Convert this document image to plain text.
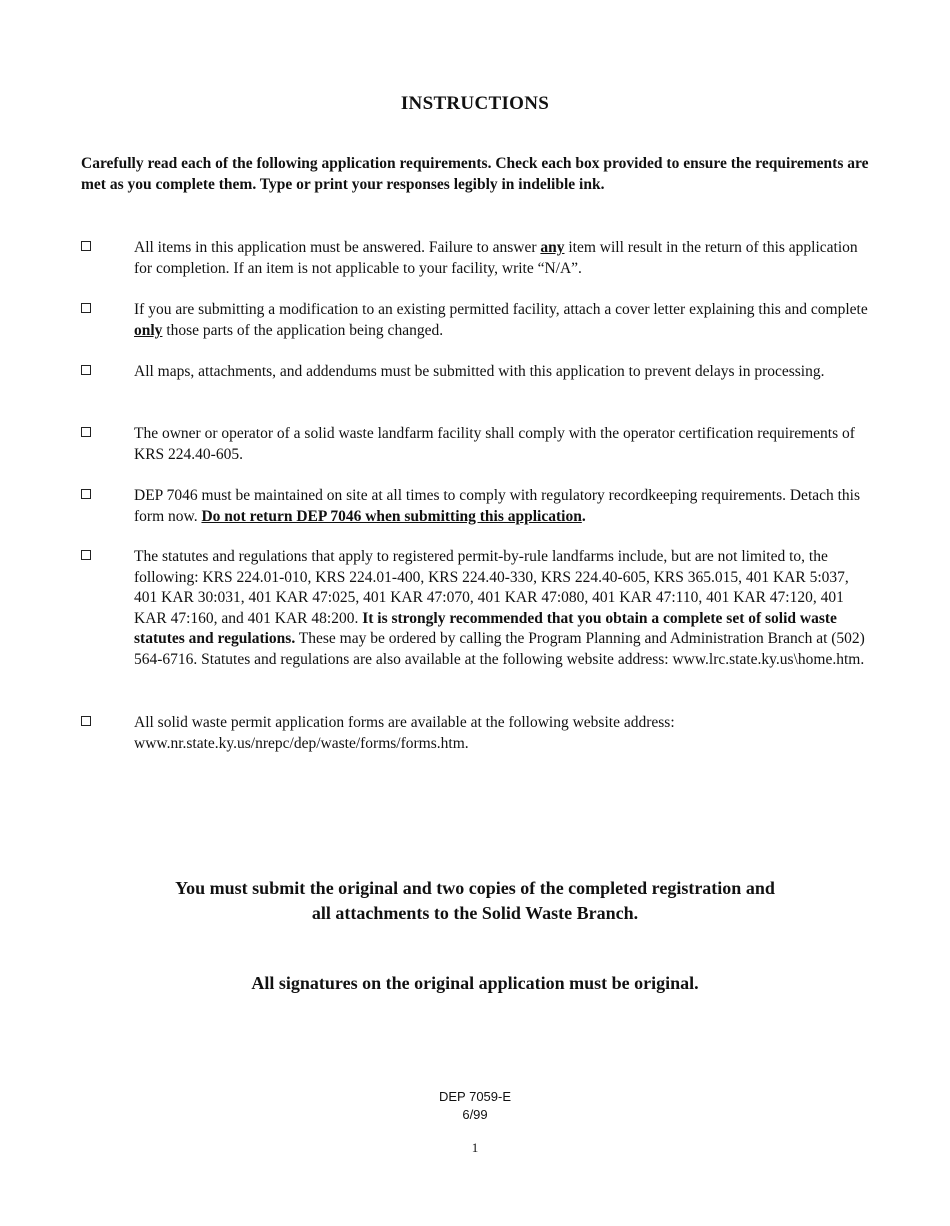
INSTRUCTIONS
Carefully read each of the following application requirements. Check each box provided to ensure the requirements are met as you complete them. Type or print your responses legibly in indelible ink.
All items in this application must be answered. Failure to answer any item will result in the return of this application for completion. If an item is not applicable to your facility, write “N/A”.
If you are submitting a modification to an existing permitted facility, attach a cover letter explaining this and complete only those parts of the application being changed.
All maps, attachments, and addendums must be submitted with this application to prevent delays in processing.
The owner or operator of a solid waste landfarm facility shall comply with the operator certification requirements of KRS 224.40-605.
DEP 7046 must be maintained on site at all times to comply with regulatory recordkeeping requirements. Detach this form now. Do not return DEP 7046 when submitting this application.
The statutes and regulations that apply to registered permit-by-rule landfarms include, but are not limited to, the following: KRS 224.01-010, KRS 224.01-400, KRS 224.40-330, KRS 224.40-605, KRS 365.015, 401 KAR 5:037, 401 KAR 30:031, 401 KAR 47:025, 401 KAR 47:070, 401 KAR 47:080, 401 KAR 47:110, 401 KAR 47:120, 401 KAR 47:160, and 401 KAR 48:200. It is strongly recommended that you obtain a complete set of solid waste statutes and regulations. These may be ordered by calling the Program Planning and Administration Branch at (502) 564-6716. Statutes and regulations are also available at the following website address: www.lrc.state.ky.us\home.htm.
All solid waste permit application forms are available at the following website address: www.nr.state.ky.us/nrepc/dep/waste/forms/forms.htm.
You must submit the original and two copies of the completed registration and
all attachments to the Solid Waste Branch.
All signatures on the original application must be original.
DEP 7059-E
6/99
1
